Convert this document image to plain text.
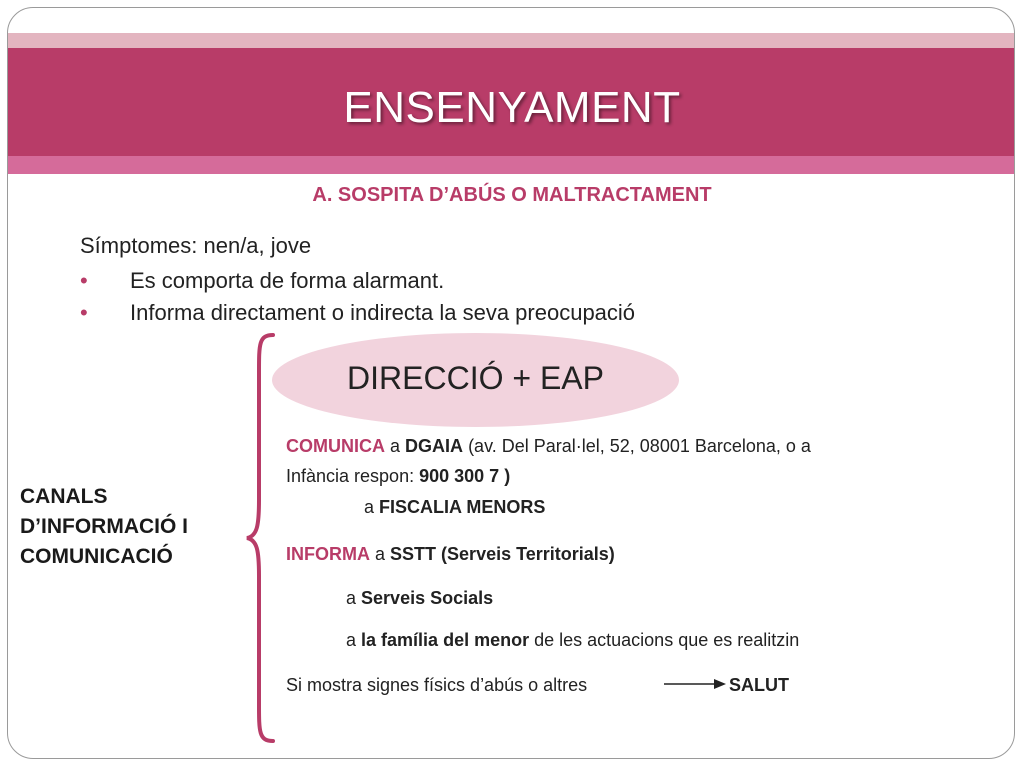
ENSENYAMENT
A. SOSPITA D’ABÚS O MALTRACTAMENT
Símptomes: nen/a, jove
• Es comporta de forma alarmant.
• Informa directament o indirecta la seva preocupació
DIRECCIÓ + EAP
CANALS
D’INFORMACIÓ I
COMUNICACIÓ
COMUNICA a DGAIA (av. Del Paral·lel, 52, 08001 Barcelona, o a
Infància respon: 900 300 7 )
a FISCALIA MENORS
INFORMA a SSTT (Serveis Territorials)
a Serveis Socials
a la família del menor de les actuacions que es realitzin
Si mostra signes físics d’abús o altres	SALUT
